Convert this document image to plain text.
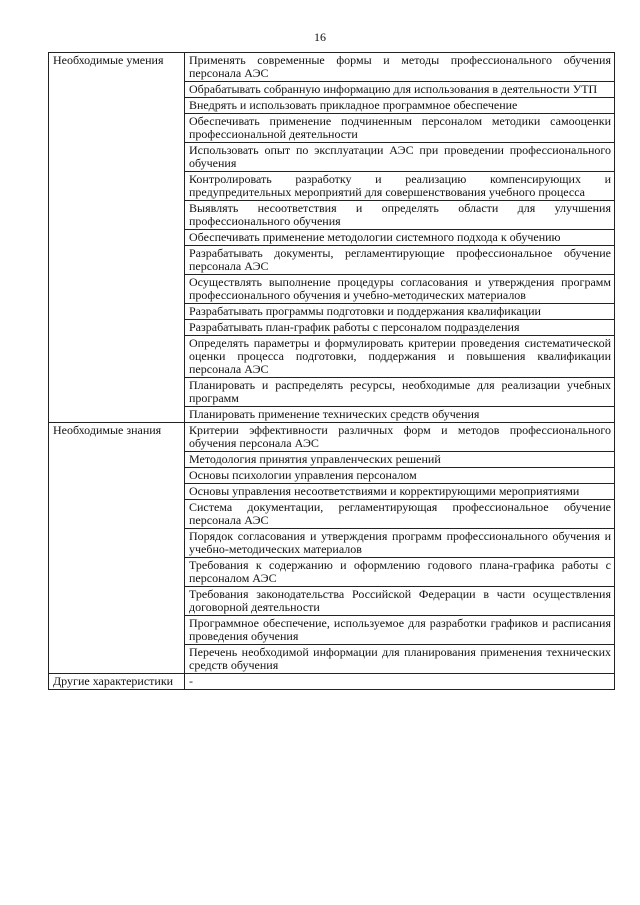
16
Необходимые умения	Применять современные формы и методы профессионального обучения персонала АЭС
	Обрабатывать собранную информацию для использования в деятельности УТП
	Внедрять и использовать прикладное программное обеспечение
	Обеспечивать применение подчиненным персоналом методики самооценки профессиональной деятельности
	Использовать опыт по эксплуатации АЭС при проведении профессионального обучения
	Контролировать разработку и реализацию компенсирующих и предупредительных мероприятий для совершенствования учебного процесса
	Выявлять несоответствия и определять области для улучшения профессионального обучения
	Обеспечивать применение методологии системного подхода к обучению
	Разрабатывать документы, регламентирующие профессиональное обучение персонала АЭС
	Осуществлять выполнение процедуры согласования и утверждения программ профессионального обучения и учебно-методических материалов
	Разрабатывать программы подготовки и поддержания квалификации
	Разрабатывать план-график работы с персоналом подразделения
	Определять параметры и формулировать критерии проведения систематической оценки процесса подготовки, поддержания и повышения квалификации персонала АЭС
	Планировать и распределять ресурсы, необходимые для реализации учебных программ
	Планировать применение технических средств обучения
Необходимые знания	Критерии эффективности различных форм и методов профессионального обучения персонала АЭС
	Методология принятия управленческих решений
	Основы психологии управления персоналом
	Основы управления несоответствиями и корректирующими мероприятиями
	Система документации, регламентирующая профессиональное обучение персонала АЭС
	Порядок согласования и утверждения программ профессионального обучения и учебно-методических материалов
	Требования к содержанию и оформлению годового плана-графика работы с персоналом АЭС
	Требования законодательства Российской Федерации в части осуществления договорной деятельности
	Программное обеспечение, используемое для разработки графиков и расписания проведения обучения
	Перечень необходимой информации для планирования применения технических средств обучения
Другие характеристики	-
